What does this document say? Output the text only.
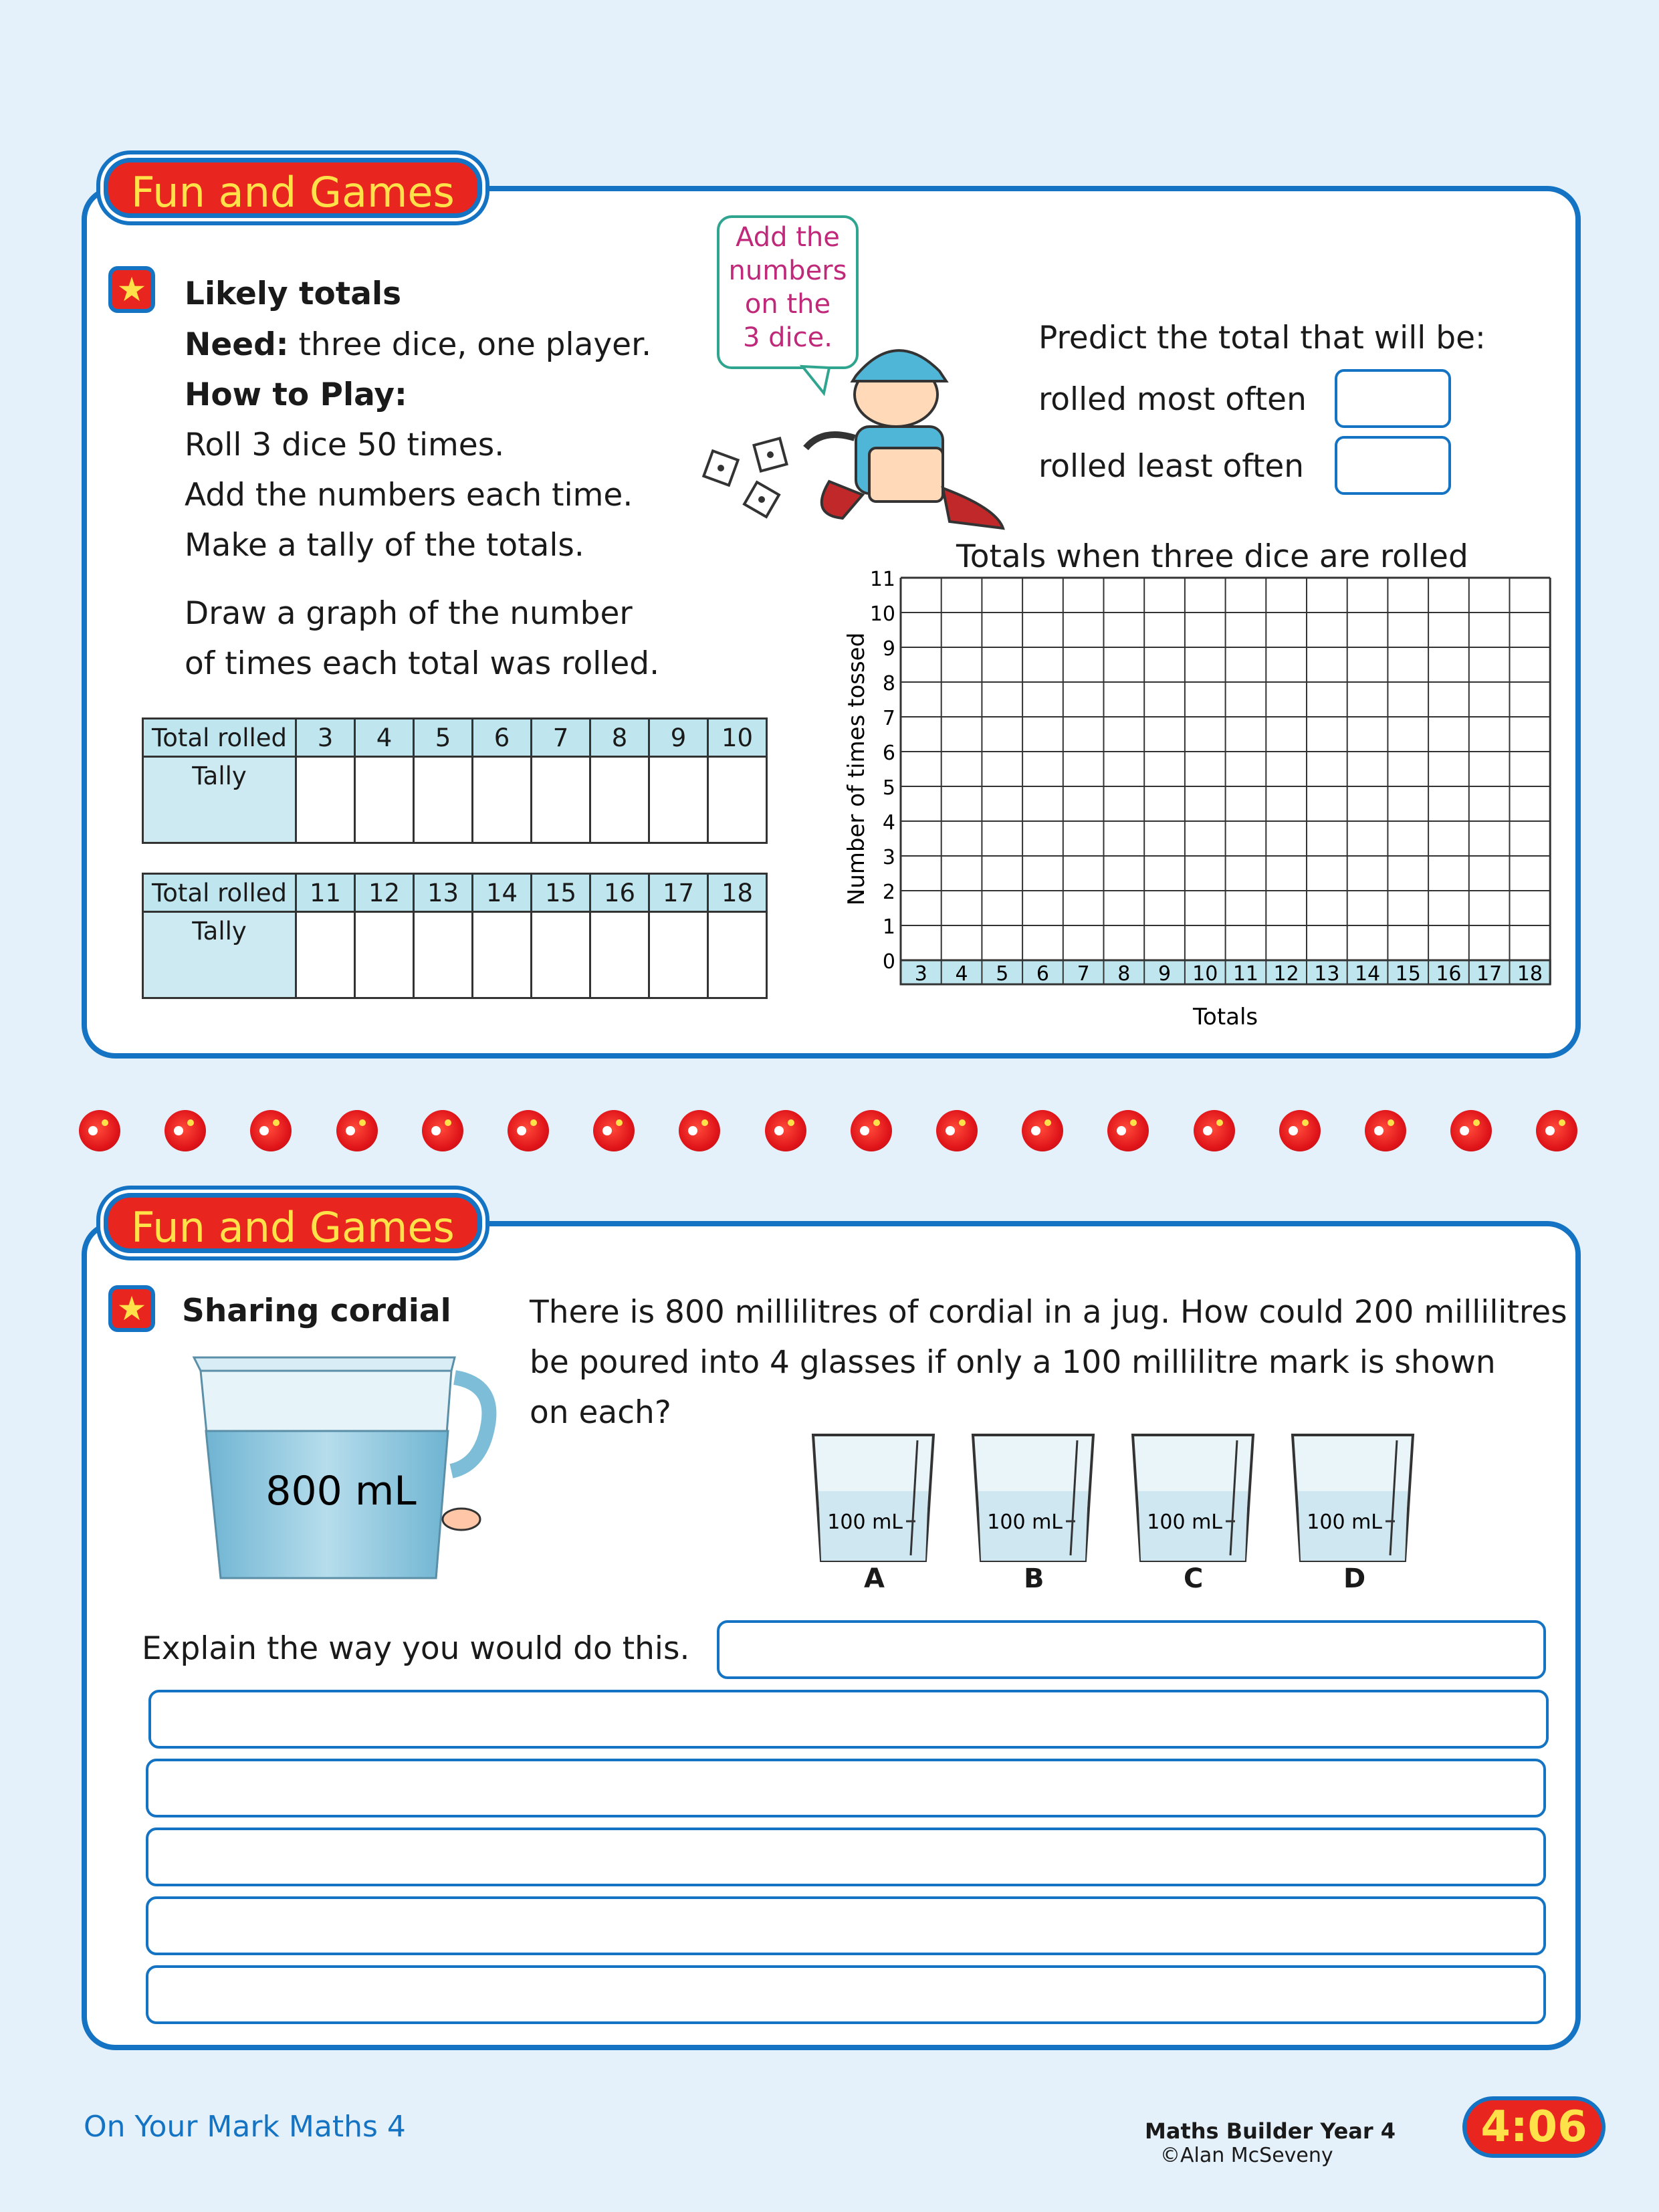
Fun and Games
★ Likely totals
Need: three dice, one player.
How to Play:
Roll 3 dice 50 times.
Add the numbers each time.
Make a tally of the totals.
Draw a graph of the number
of times each total was rolled.
Total rolled	3	4	5	6	7	8	9	10
Tally								
Total rolled	11	12	13	14	15	16	17	18
Tally								
Add the
numbers
on the
3 dice.	Predict the total that will be:
rolled most often
rolled least often
Totals when three dice are rolled
0
1
2
3
4
5
6
7
8
9
10
11
3 4 5 6 7 8 9 10 11 12 13 14 15 16 17 18
Totals
Number of times tossed
Fun and Games
★ Sharing cordial There is 800 millilitres of cordial in a jug. How could 200 millilitres
be poured into 4 glasses if only a 100 millilitre mark is shown
on each?
800 mL
100 mL
A
100 mL
B
100 mL
C
100 mL
D
Explain the way you would do this.
On Your Mark Maths 4	Maths Builder Year 4
©Alan McSeveny
4:06
